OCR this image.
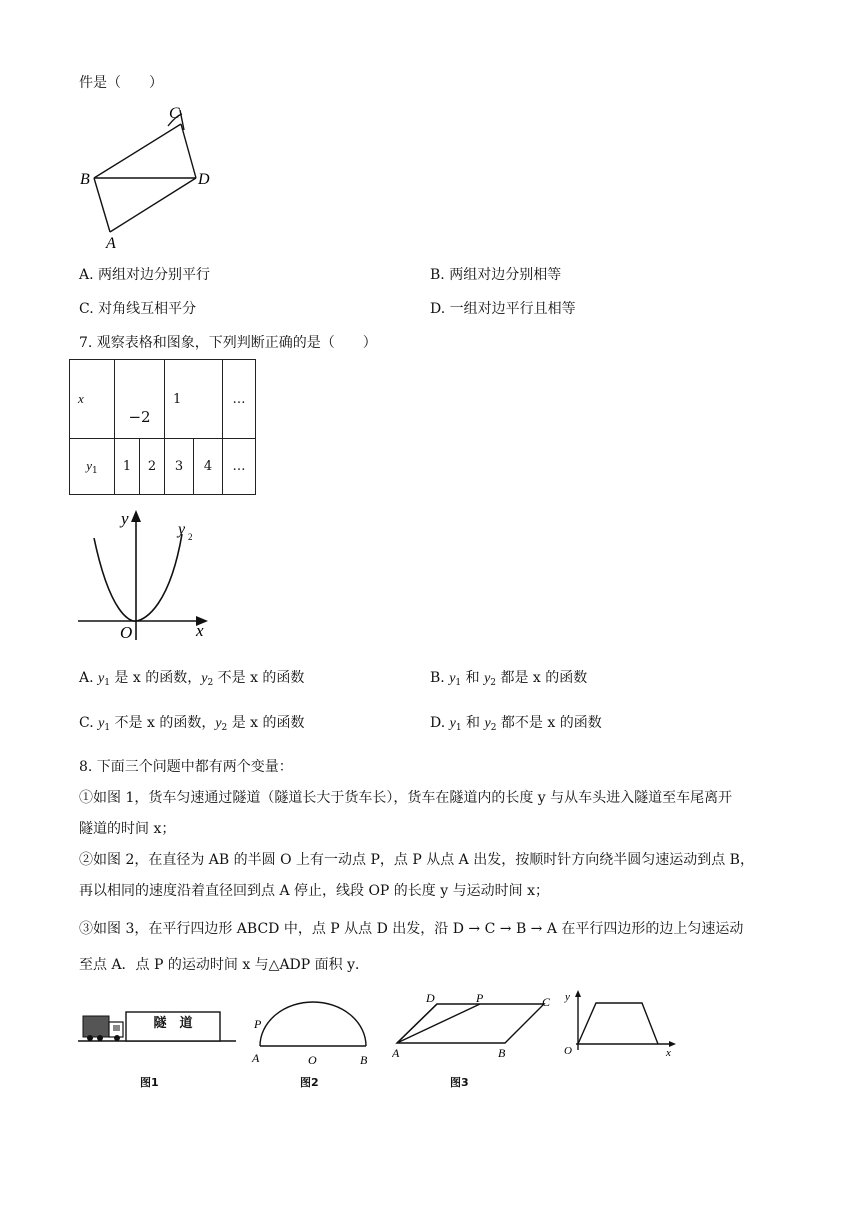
件是（　　）
B	D
C
A
A. 两组对边分别平行	B. 两组对边分别相等
C. 对角线互相平分	D. 一组对边平行且相等
7. 观察表格和图象，下列判断正确的是（　　）
x	−2		1		…
$y_1$	1	2	3	4	…
y
y 2
O	x
A. $y_1$ 是 x 的函数，$y_2$ 不是 x 的函数	B. $y_1$ 和 $y_2$ 都是 x 的函数
C. $y_1$ 不是 x 的函数，$y_2$ 是 x 的函数	D. $y_1$ 和 $y_2$ 都不是 x 的函数
8. 下面三个问题中都有两个变量：
①如图 1，货车匀速通过隧道（隧道长大于货车长），货车在隧道内的长度 y 与从车头进入隧道至车尾离开
隧道的时间 x；
②如图 2，在直径为 AB 的半圆 O 上有一动点 P，点 P 从点 A 出发，按顺时针方向绕半圆匀速运动到点 B，
再以相同的速度沿着直径回到点 A 停止，线段 OP 的长度 y 与运动时间 x；
③如图 3，在平行四边形 ABCD 中，点 P 从点 D 出发，沿 D → C → B → A 在平行四边形的边上匀速运动
至点 A．点 P 的运动时间 x 与△ADP 面积 y．
隧　道
图1
P
A	O	B
图2
D	P	C
A	B
图3
y
O	x
